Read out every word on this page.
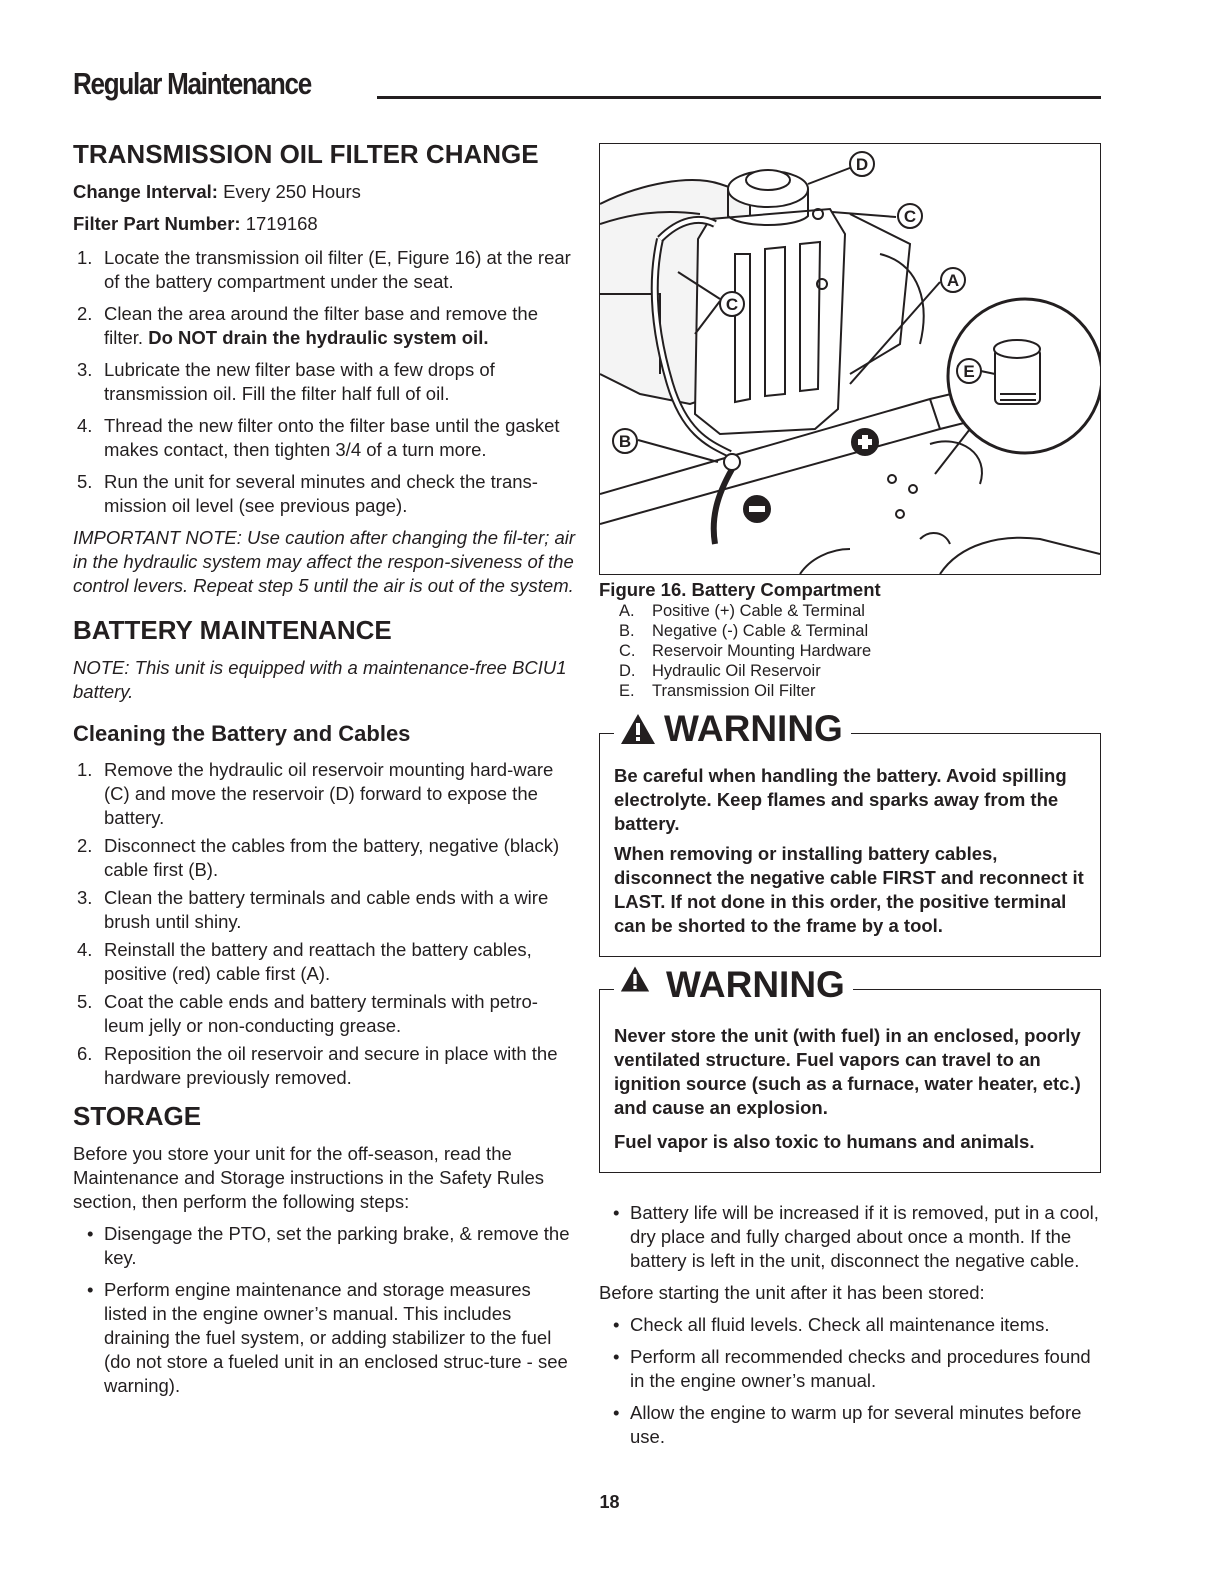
Regular Maintenance
TRANSMISSION OIL FILTER CHANGE

Change Interval: Every 250 Hours

Filter Part Number: 1719168

1. Locate the transmission oil filter (E, Figure 16) at the rear of the battery compartment under the seat.
2. Clean the area around the filter base and remove the filter. Do NOT drain the hydraulic system oil.
3. Lubricate the new filter base with a few drops of transmission oil. Fill the filter half full of oil.
4. Thread the new filter onto the filter base until the gasket makes contact, then tighten 3/4 of a turn more.
5. Run the unit for several minutes and check the trans-mission oil level (see previous page).

IMPORTANT NOTE: Use caution after changing the fil-ter; air in the hydraulic system may affect the respon-siveness of the control levers. Repeat step 5 until the air is out of the system.

BATTERY MAINTENANCE

NOTE: This unit is equipped with a maintenance-free BCIU1 battery.

Cleaning the Battery and Cables
1. Remove the hydraulic oil reservoir mounting hard-ware (C) and move the reservoir (D) forward to expose the battery.
2. Disconnect the cables from the battery, negative (black) cable first (B).
3. Clean the battery terminals and cable ends with a wire brush until shiny.
4. Reinstall the battery and reattach the battery cables, positive (red) cable first (A).
5. Coat the cable ends and battery terminals with petro-leum jelly or non-conducting grease.
6. Reposition the oil reservoir and secure in place with the hardware previously removed.
STORAGE

Before you store your unit for the off-season, read the Maintenance and Storage instructions in the Safety Rules section, then perform the following steps:

• Disengage the PTO, set the parking brake, & remove the key.
• Perform engine maintenance and storage measures listed in the engine owner’s manual. This includes draining the fuel system, or adding stabilizer to the fuel (do not store a fueled unit in an enclosed struc-ture - see warning).
D
C
A
C
E
B
Figure 16. Battery Compartment
A.	Positive (+) Cable & Terminal
B.	Negative (-) Cable & Terminal
C.	Reservoir Mounting Hardware
D.	Hydraulic Oil Reservoir
E.	Transmission Oil Filter
WARNING

Be careful when handling the battery. Avoid spilling electrolyte. Keep flames and sparks away from the battery.

When removing or installing battery cables, disconnect the negative cable FIRST and reconnect it LAST. If not done in this order, the positive terminal can be shorted to the frame by a tool.

WARNING

Never store the unit (with fuel) in an enclosed, poorly ventilated structure. Fuel vapors can travel to an ignition source (such as a furnace, water heater, etc.) and cause an explosion.

Fuel vapor is also toxic to humans and animals.

• Battery life will be increased if it is removed, put in a cool, dry place and fully charged about once a month. If the battery is left in the unit, disconnect the negative cable.

Before starting the unit after it has been stored:

• Check all fluid levels. Check all maintenance items.
• Perform all recommended checks and procedures found in the engine owner’s manual.
• Allow the engine to warm up for several minutes before use.
18
